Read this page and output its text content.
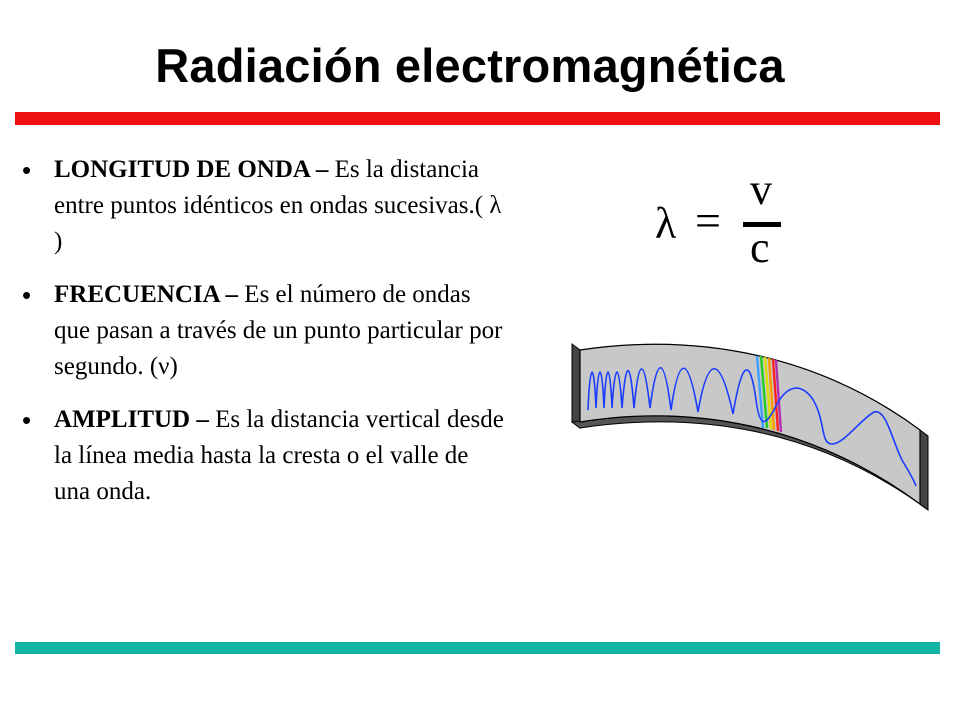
Radiación electromagnética
• LONGITUD DE ONDA – Es la distancia entre puntos idénticos en ondas sucesivas.( λ )
• FRECUENCIA – Es el número de ondas que pasan a través de un punto particular por segundo. (ν)
• AMPLITUD – Es la distancia vertical desde la línea media hasta la cresta o el valle de una onda.
λ =
v
c
